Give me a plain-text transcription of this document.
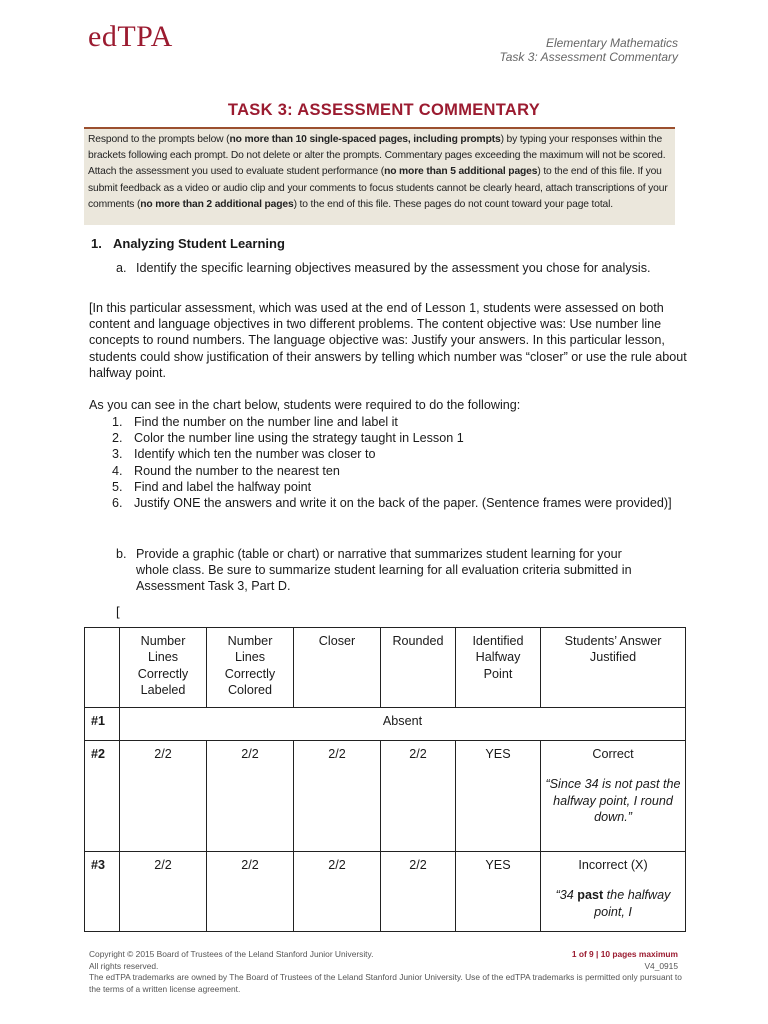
edTPA	Elementary Mathematics
Task 3: Assessment Commentary
TASK 3: ASSESSMENT COMMENTARY
Respond to the prompts below (no more than 10 single-spaced pages, including prompts) by typing your responses within the brackets following each prompt. Do not delete or alter the prompts. Commentary pages exceeding the maximum will not be scored. Attach the assessment you used to evaluate student performance (no more than 5 additional pages) to the end of this file. If you submit feedback as a video or audio clip and your comments to focus students cannot be clearly heard, attach transcriptions of your comments (no more than 2 additional pages) to the end of this file. These pages do not count toward your page total.
1. Analyzing Student Learning
a. Identify the specific learning objectives measured by the assessment you chose for analysis.
[In this particular assessment, which was used at the end of Lesson 1, students were assessed on both content and language objectives in two different problems. The content objective was: Use number line concepts to round numbers. The language objective was: Justify your answers. In this particular lesson, students could show justification of their answers by telling which number was “closer” or use the rule about halfway point.
As you can see in the chart below, students were required to do the following:
1. Find the number on the number line and label it
2. Color the number line using the strategy taught in Lesson 1
3. Identify which ten the number was closer to
4. Round the number to the nearest ten
5. Find and label the halfway point
6. Justify ONE the answers and write it on the back of the paper. (Sentence frames were provided)]
b. Provide a graphic (table or chart) or narrative that summarizes student learning for your whole class. Be sure to summarize student learning for all evaluation criteria submitted in Assessment Task 3, Part D.
[
	Number Lines Correctly Labeled	Number Lines Correctly Colored	Closer	Rounded	Identified Halfway Point	Students’ Answer Justified
#1	Absent					
#2	2/2	2/2	2/2	2/2	YES	Correct
“Since 34 is not past the halfway point, I round down.”

#3	2/2	2/2	2/2	2/2	YES	Incorrect (X)
“34 past the halfway point, I
Copyright © 2015 Board of Trustees of the Leland Stanford Junior University.
All rights reserved.
The edTPA trademarks are owned by The Board of Trustees of the Leland Stanford Junior University. Use of the edTPA trademarks is permitted only pursuant to the terms of a written license agreement.
1 of 9 | 10 pages maximum
V4_0915
